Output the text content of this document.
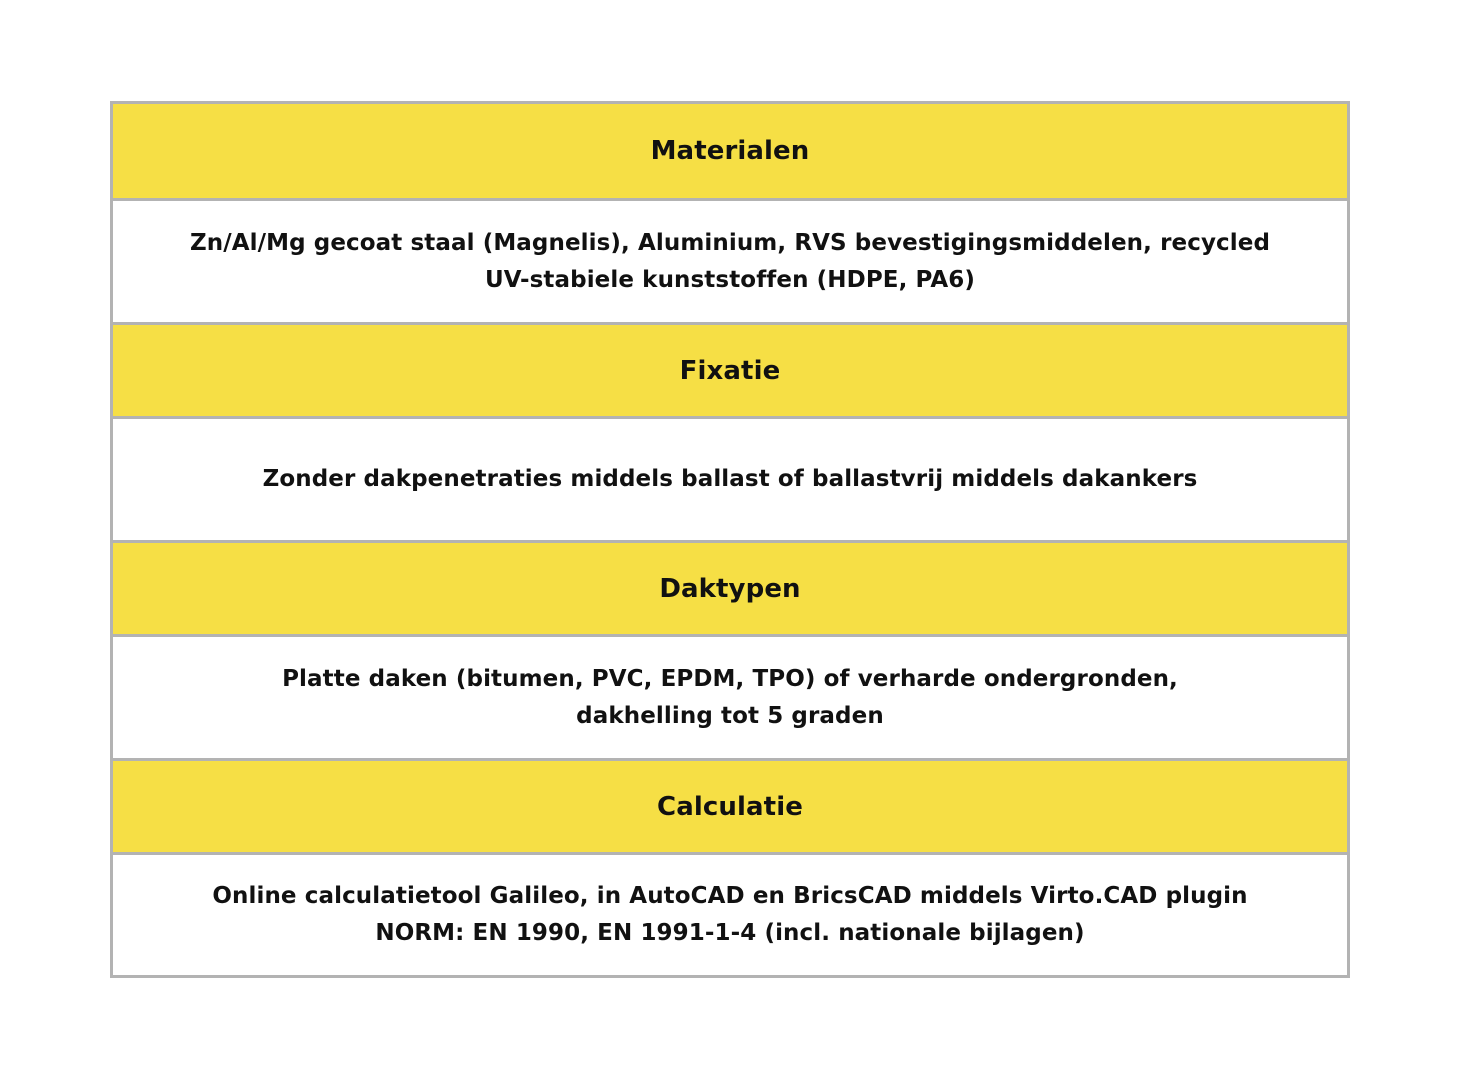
Materialen
Zn/Al/Mg gecoat staal (Magnelis), Aluminium, RVS bevestigingsmiddelen, recycled
UV-stabiele kunststoffen (HDPE, PA6)
Fixatie
Zonder dakpenetraties middels ballast of ballastvrij middels dakankers
Daktypen
Platte daken (bitumen, PVC, EPDM, TPO) of verharde ondergronden,
dakhelling tot 5 graden
Calculatie
Online calculatietool Galileo, in AutoCAD en BricsCAD middels Virto.CAD plugin
NORM: EN 1990, EN 1991-1-4 (incl. nationale bijlagen)
